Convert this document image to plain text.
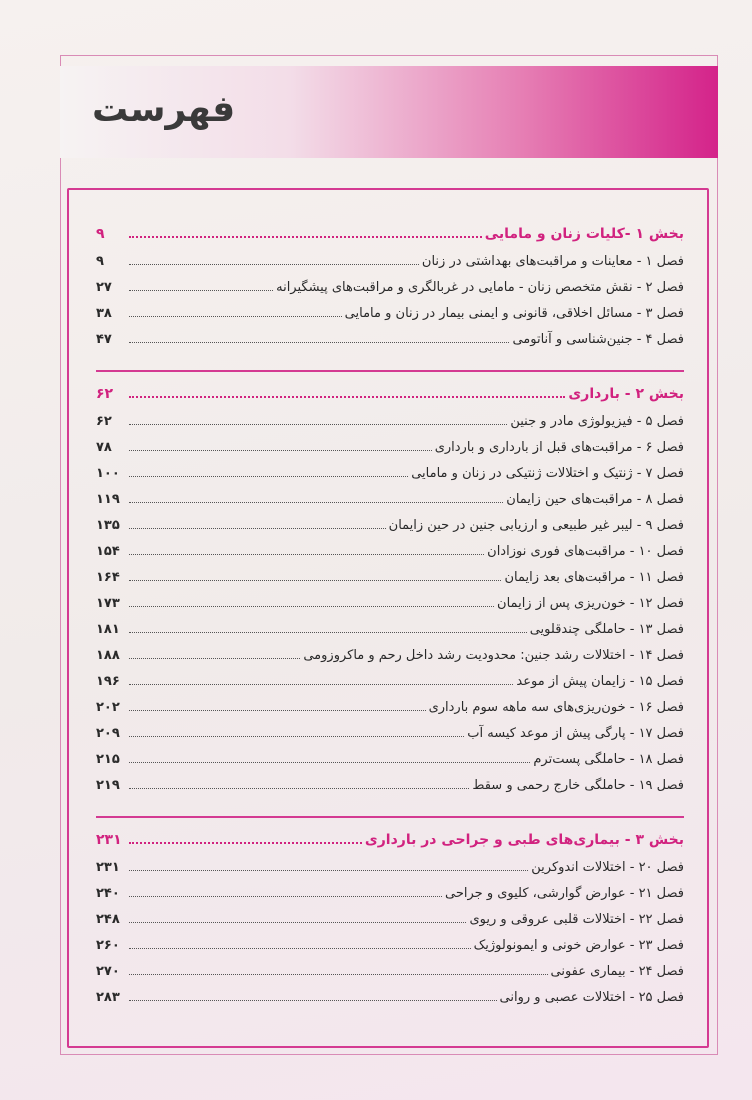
فهرست
بخش ۱ -کلیات زنان و مامایی
۹
فصل ۱ - معاینات و مراقبت‌های بهداشتی در زنان
۹
فصل ۲ - نقش متخصص زنان - مامایی در غربالگری و مراقبت‌های پیشگیرانه
۲۷
فصل ۳ - مسائل اخلاقی، قانونی و ایمنی بیمار در زنان و مامایی
۳۸
فصل ۴ - جنین‌شناسی و آناتومی
۴۷
بخش ۲ - بارداری
۶۲
فصل ۵ - فیزیولوژی مادر و جنین
۶۲
فصل ۶ - مراقبت‌های قبل از بارداری و بارداری
۷۸
فصل ۷ - ژنتیک و اختلالات ژنتیکی در زنان و مامایی
۱۰۰
فصل ۸ - مراقبت‌های حین زایمان
۱۱۹
فصل ۹ - لیبر غیر طبیعی و ارزیابی جنین در حین زایمان
۱۳۵
فصل ۱۰ - مراقبت‌های فوری نوزادان
۱۵۴
فصل ۱۱ - مراقبت‌های بعد زایمان
۱۶۴
فصل ۱۲ - خون‌ریزی پس از زایمان
۱۷۳
فصل ۱۳ - حاملگی چندقلویی
۱۸۱
فصل ۱۴ - اختلالات رشد جنین: محدودیت رشد داخل رحم و ماکروزومی
۱۸۸
فصل ۱۵ - زایمان پیش از موعد
۱۹۶
فصل ۱۶ - خون‌ریزی‌های سه ماهه سوم بارداری
۲۰۲
فصل ۱۷ - پارگی پیش از موعد کیسه آب
۲۰۹
فصل ۱۸ - حاملگی پست‌ترم
۲۱۵
فصل ۱۹ - حاملگی خارج رحمی و سقط
۲۱۹
بخش ۳ - بیماری‌های طبی و جراحی در بارداری
۲۳۱
فصل ۲۰ - اختلالات اندوکرین
۲۳۱
فصل ۲۱ - عوارض گوارشی، کلیوی و جراحی
۲۴۰
فصل ۲۲ - اختلالات قلبی عروقی و ریوی
۲۴۸
فصل ۲۳ - عوارض خونی و ایمونولوژیک
۲۶۰
فصل ۲۴ - بیماری عفونی
۲۷۰
فصل ۲۵ - اختلالات عصبی و روانی
۲۸۳
